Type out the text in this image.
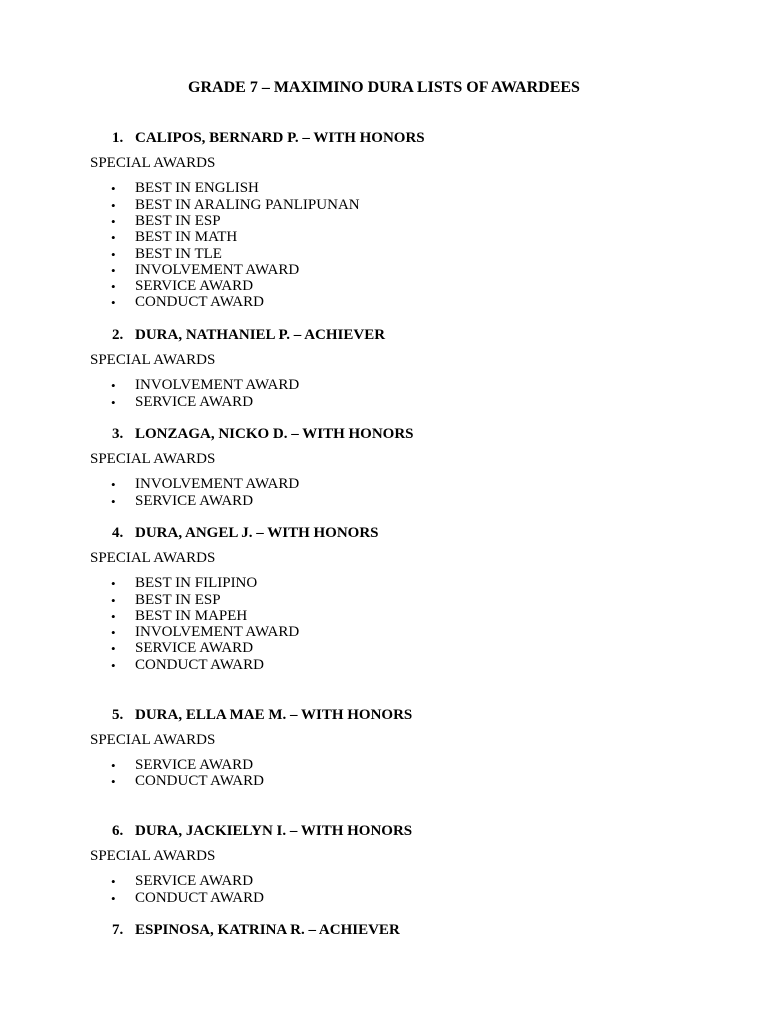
GRADE 7 – MAXIMINO DURA LISTS OF AWARDEES
1. CALIPOS, BERNARD P. – WITH HONORS
SPECIAL AWARDS
• BEST IN ENGLISH
• BEST IN ARALING PANLIPUNAN
• BEST IN ESP
• BEST IN MATH
• BEST IN TLE
• INVOLVEMENT AWARD
• SERVICE AWARD
• CONDUCT AWARD
2. DURA, NATHANIEL P. – ACHIEVER
SPECIAL AWARDS
• INVOLVEMENT AWARD
• SERVICE AWARD
3. LONZAGA, NICKO D. – WITH HONORS
SPECIAL AWARDS
• INVOLVEMENT AWARD
• SERVICE AWARD
4. DURA, ANGEL J. – WITH HONORS
SPECIAL AWARDS
• BEST IN FILIPINO
• BEST IN ESP
• BEST IN MAPEH
• INVOLVEMENT AWARD
• SERVICE AWARD
• CONDUCT AWARD
5. DURA, ELLA MAE M. – WITH HONORS
SPECIAL AWARDS
• SERVICE AWARD
• CONDUCT AWARD
6. DURA, JACKIELYN I. – WITH HONORS
SPECIAL AWARDS
• SERVICE AWARD
• CONDUCT AWARD
7. ESPINOSA, KATRINA R. – ACHIEVER
